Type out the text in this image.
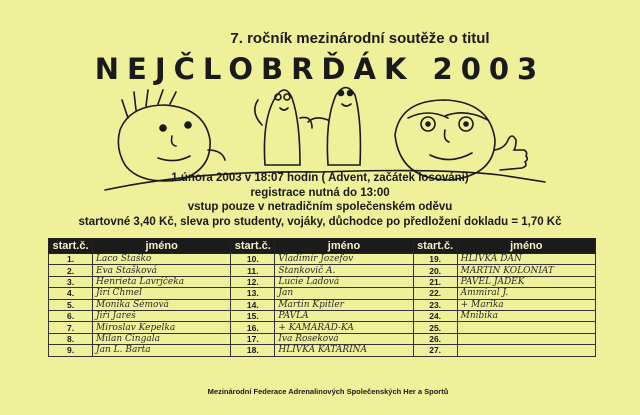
7. ročník mezinárodní soutěže o titul
NEJČLOBRĎÁK 2003
1.února 2003 v 18:07 hodin ( Advent, začátek losování)
registrace nutná do 13:00
vstup pouze v netradičním společenském oděvu
startovné 3,40 Kč, sleva pro studenty, vojáky, důchodce po předložení dokladu = 1,70 Kč
start.č.	jméno	start.č.	jméno	start.č.	jméno
1.	Laco Staško	10.	Vladimír Jozefov	19.	HLIVKA DAN
2.	Eva Stašková	11.	Stankovič A.	20.	MARTIN KOLONIAT
3.	Henrieta Lavrjčeka	12.	Lucie Ladová	21.	PAVEL JÁDEK
4.	Jirí Chmel	13.	Jan	22.	Ammiral J.
5.	Monika Šémová	14.	Martin Kpitler	23.	+ Marika
6.	Jiří Jareš	15.	PAVLA	24.	Mnibika
7.	Miroslav Kepelka	16.	+ KAMARÁD-KA	25.	
8.	Milan Cingala	17.	Iva Roseková	26.	
9.	Jan L. Barta	18.	HLIVKA KATARÍNA	27.	
Mezinárodní Federace Adrenalinových Společenských Her a Sportů
